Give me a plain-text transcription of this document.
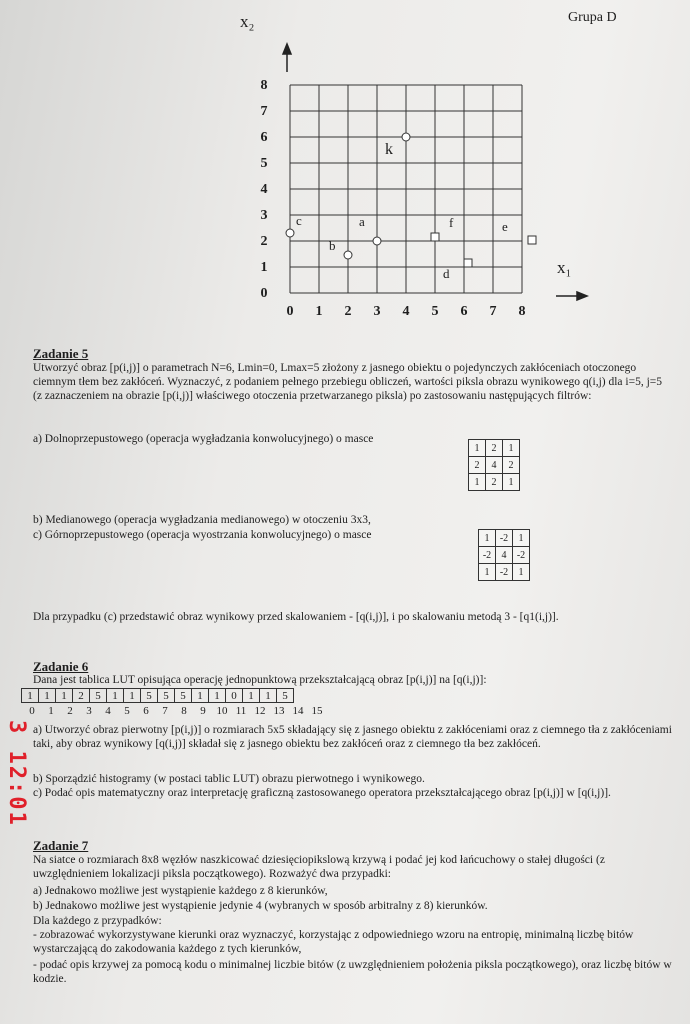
Grupa D
x₂
x₁
8
7
6
5
4
3
2
1
0
0	1	2	3	4	5	6	7	8
k
c	a	f	e
b
d
Zadanie 5
Utworzyć obraz [p(i,j)] o parametrach N=6, Lmin=0, Lmax=5 złożony z jasnego obiektu o pojedynczych zakłóceniach otoczonego ciemnym tłem bez zakłóceń. Wyznaczyć, z podaniem pełnego przebiegu obliczeń, wartości piksla obrazu wynikowego q(i,j) dla i=5, j=5 (z zaznaczeniem na obrazie [p(i,j)] właściwego otoczenia przetwarzanego piksla) po zastosowaniu następujących filtrów:
a) Dolnoprzepustowego (operacja wygładzania konwolucyjnego) o masce
1	2	1
2	4	2
1	2	1
b) Medianowego (operacja wygładzania medianowego) w otoczeniu 3x3,
c) Górnoprzepustowego (operacja wyostrzania konwolucyjnego) o masce	1	-2	1
-2	4	-2
1	-2	1
Dla przypadku (c) przedstawić obraz wynikowy przed skalowaniem - [q(i,j)], i po skalowaniu metodą 3 - [q1(i,j)].
Zadanie 6
Dana jest tablica LUT opisująca operację jednopunktową przekształcającą obraz [p(i,j)] na [q(i,j)]:
1	1	1	2	5	1	1	5	5	5	1	1	0	1	1	5
0	1	2	3	4	5	6	7	8	9 10 11 12 13 14 15
a) Utworzyć obraz pierwotny [p(i,j)] o rozmiarach 5x5 składający się z jasnego obiektu z zakłóceniami oraz z ciemnego tła z zakłóceniami taki, aby obraz wynikowy [q(i,j)] składał się z jasnego obiektu bez zakłóceń oraz z ciemnego tła bez zakłóceń.
b) Sporządzić histogramy (w postaci tablic LUT) obrazu pierwotnego i wynikowego.
c) Podać opis matematyczny oraz interpretację graficzną zastosowanego operatora przekształcającego obraz [p(i,j)] w [q(i,j)].
Zadanie 7
Na siatce o rozmiarach 8x8 węzłów naszkicować dziesięciopikslową krzywą i podać jej kod łańcuchowy o stałej długości (z uwzględnieniem lokalizacji piksla początkowego). Rozważyć dwa przypadki:
a) Jednakowo możliwe jest wystąpienie każdego z 8 kierunków,
b) Jednakowo możliwe jest wystąpienie jedynie 4 (wybranych w sposób arbitralny z 8) kierunków.
Dla każdego z przypadków:
- zobrazować wykorzystywane kierunki oraz wyznaczyć, korzystając z odpowiedniego wzoru na entropię, minimalną liczbę bitów wystarczającą do zakodowania każdego z tych kierunków,
- podać opis krzywej za pomocą kodu o minimalnej liczbie bitów (z uwzględnieniem położenia piksla początkowego), oraz liczbę bitów w kodzie.
3 12:01
